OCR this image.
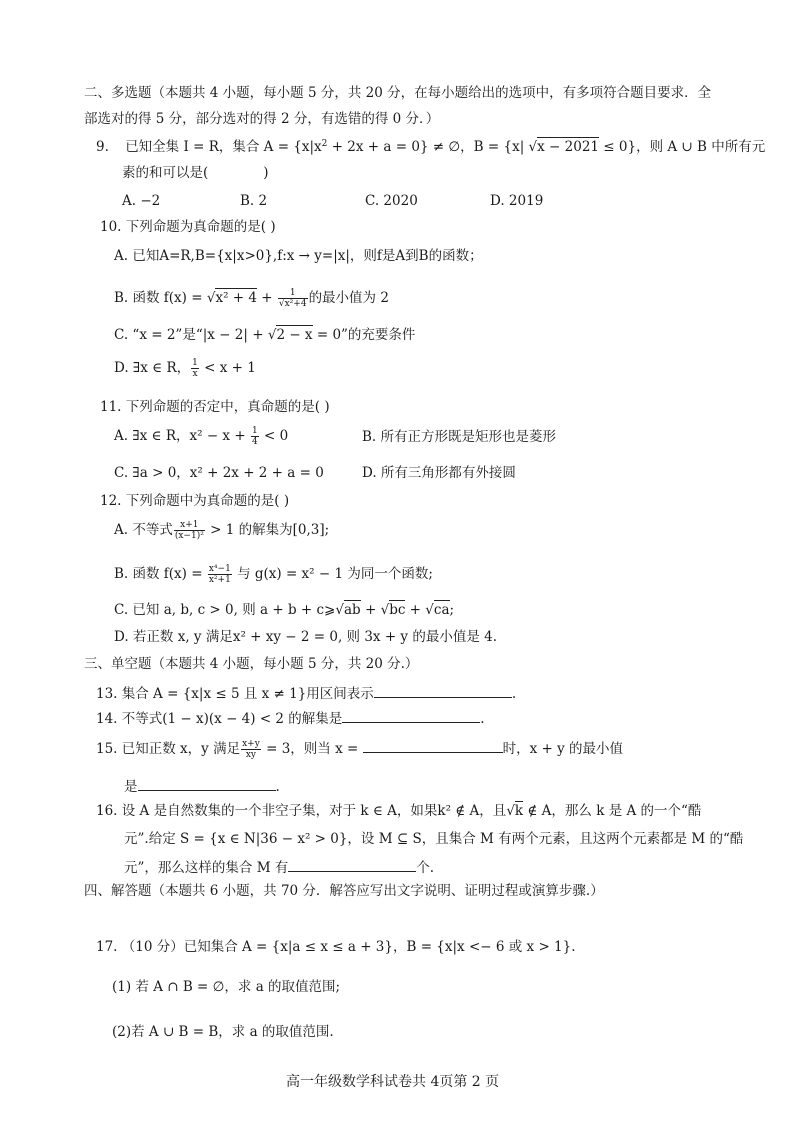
二、多选题（本题共 4 小题，每小题 5 分，共 20 分，在每小题给出的选项中，有多项符合题目要求．全
部选对的得 5 分，部分选对的得 2 分，有选错的得 0 分．）
9. 已知全集 I = R，集合 $A = \{x|x^2 + 2x + a = 0\}$ ≠ ∅，B = {x| √x − 2021 ≤ 0}，则 A ∪ B 中所有元
素的和可以是(	)
A. −2	B. 2	C. 2020	D. 2019
10. 下列命题为真命题的是( )
A. 已知A=R,B={x|x>0},f:x → y=|x|，则f是A到B的函数；
B. 函数 $f(x) = √x^2 + 4 + \frac{1}{\text{√x²+4}}$ 的最小值为 2
C. “x = 2”是“|x − 2| + √2 − x = 0”的充要条件
D. ∃x ∈ R， $\frac{1}{x} < x + 1$
11. 下列命题的否定中，真命题的是( )
A. ∃x ∈ R，$x^2 - x + \frac{1}{4} < 0$	B. 所有正方形既是矩形也是菱形
C. ∃a > 0，x² + 2x + 2 + a = 0	D. 所有三角形都有外接圆
12. 下列命题中为真命题的是( )
A. 不等式 $\frac{x+1}{\text{(x−1)²}} > 1$ 的解集为[0,3];
B. 函数 $f(x) = \frac{\text{x⁴−1}}{\text{x²+1}}$ 与 g(x) = x² − 1 为同一个函数;
C. 已知 a, b, c > 0, 则 a + b + c⩾√ab + √bc + √ca;
D. 若正数 x, y 满足x² + xy − 2 = 0, 则 3x + y 的最小值是 4.
三、单空题（本题共 4 小题，每小题 5 分，共 20 分.）
13. 集合 A = {x|x ≤ 5 且 x ≠ 1}用区间表示	.
14. 不等式(1 − x)(x − 4) < 2 的解集是	.
15. 已知正数 x，y 满足 $\frac{x+y}{xy} = 3$，则当 x =	时，x + y 的最小值
是	.
16. 设 A 是自然数集的一个非空子集，对于 k ∈ A，如果k² ∉ A，且√k ∉ A，那么 k 是 A 的一个“酷
元”.给定 S = {x ∈ N|36 − x² > 0}，设 M ⊆ S，且集合 M 有两个元素，且这两个元素都是 M 的“酷
元”，那么这样的集合 M 有	个.
四、解答题（本题共 6 小题，共 70 分．解答应写出文字说明、证明过程或演算步骤.）
17. （10 分）已知集合 A = {x|a ≤ x ≤ a + 3}，B = {x|x <− 6 或 x > 1}.
(1) 若 A ∩ B = ∅，求 a 的取值范围;
(2)若 A ∪ B = B，求 a 的取值范围.
高一年级数学科试卷共 4页第 2 页
